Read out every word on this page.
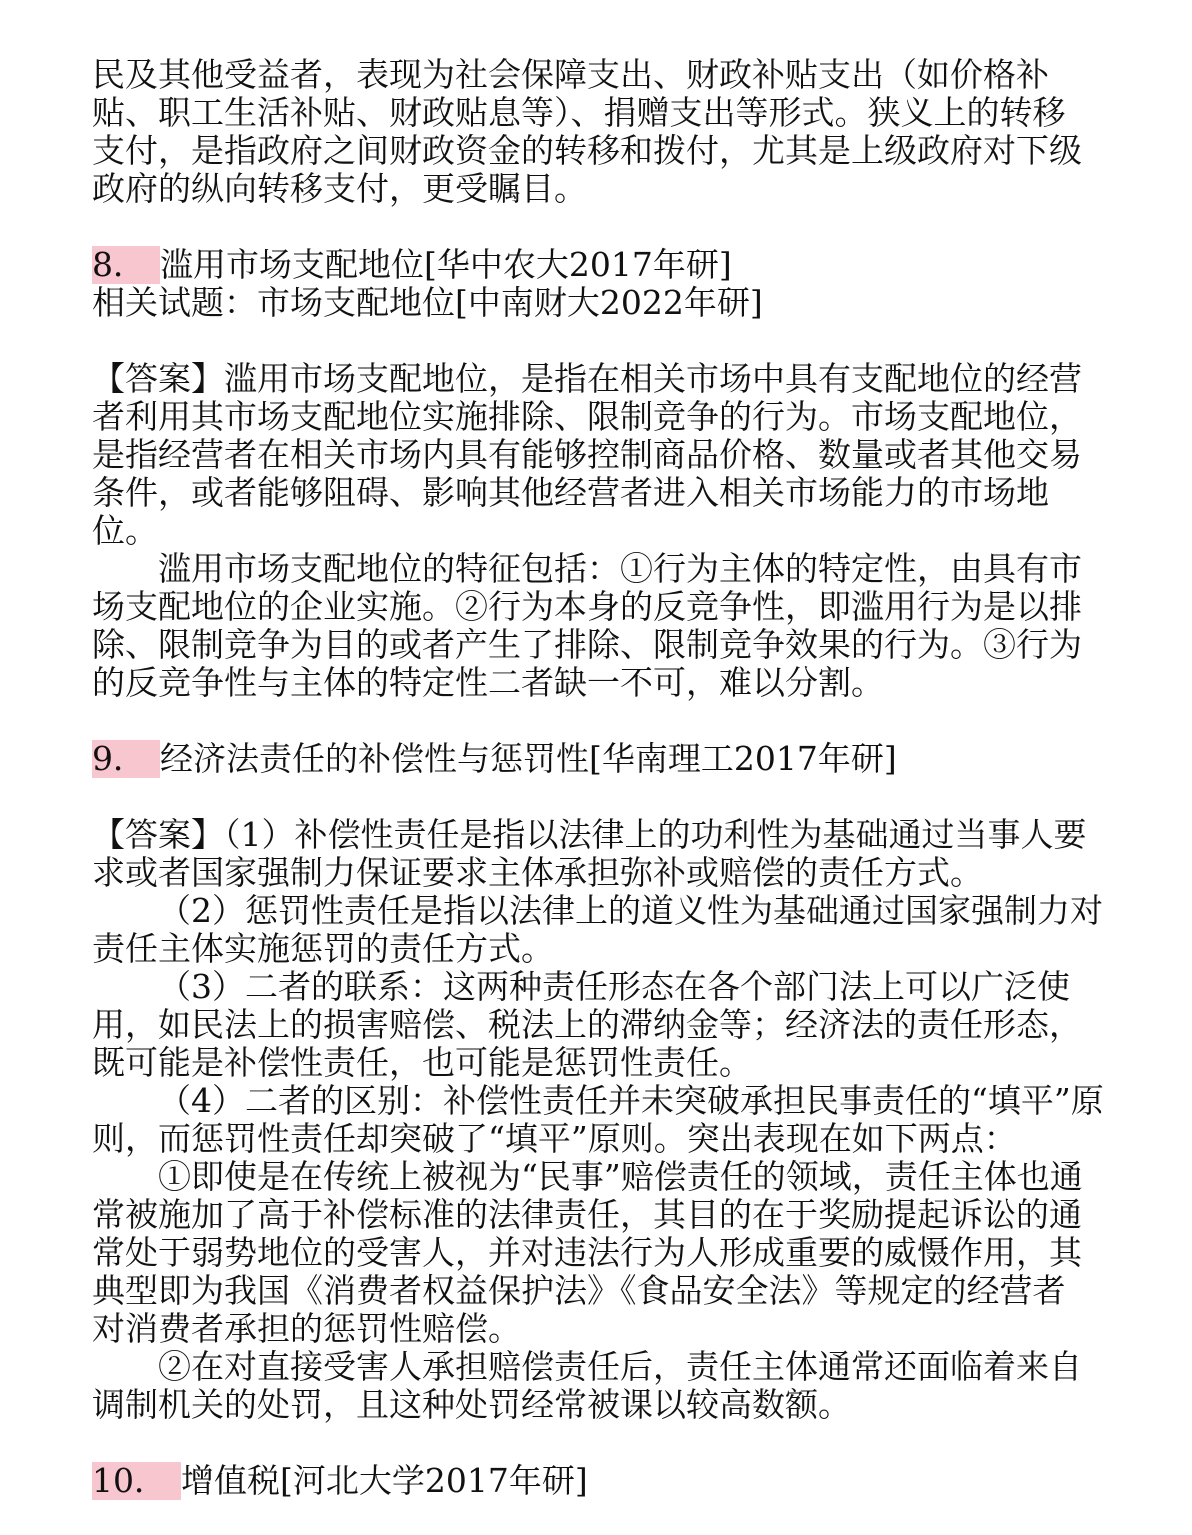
民及其他受益者，表现为社会保障支出、财政补贴支出（如价格补
贴、职工生活补贴、财政贴息等）、捐赠支出等形式。狭义上的转移
支付，是指政府之间财政资金的转移和拨付，尤其是上级政府对下级
政府的纵向转移支付，更受瞩目。
8． 滥用市场支配地位[华中农大2017年研]
相关试题：市场支配地位[中南财大2022年研]
【答案】滥用市场支配地位，是指在相关市场中具有支配地位的经营
者利用其市场支配地位实施排除、限制竞争的行为。市场支配地位，
是指经营者在相关市场内具有能够控制商品价格、数量或者其他交易
条件，或者能够阻碍、影响其他经营者进入相关市场能力的市场地
位。
滥用市场支配地位的特征包括：①行为主体的特定性，由具有市
场支配地位的企业实施。②行为本身的反竞争性，即滥用行为是以排
除、限制竞争为目的或者产生了排除、限制竞争效果的行为。③行为
的反竞争性与主体的特定性二者缺一不可，难以分割。
9． 经济法责任的补偿性与惩罚性[华南理工2017年研]
【答案】（1）补偿性责任是指以法律上的功利性为基础通过当事人要
求或者国家强制力保证要求主体承担弥补或赔偿的责任方式。
（2）惩罚性责任是指以法律上的道义性为基础通过国家强制力对
责任主体实施惩罚的责任方式。
（3）二者的联系：这两种责任形态在各个部门法上可以广泛使
用，如民法上的损害赔偿、税法上的滞纳金等；经济法的责任形态，
既可能是补偿性责任，也可能是惩罚性责任。
（4）二者的区别：补偿性责任并未突破承担民事责任的“填平”原
则，而惩罚性责任却突破了“填平”原则。突出表现在如下两点：
①即使是在传统上被视为“民事”赔偿责任的领域，责任主体也通
常被施加了高于补偿标准的法律责任，其目的在于奖励提起诉讼的通
常处于弱势地位的受害人，并对违法行为人形成重要的威慑作用，其
典型即为我国《消费者权益保护法》《食品安全法》等规定的经营者
对消费者承担的惩罚性赔偿。
②在对直接受害人承担赔偿责任后，责任主体通常还面临着来自
调制机关的处罚，且这种处罚经常被课以较高数额。
10． 增值税[河北大学2017年研]
